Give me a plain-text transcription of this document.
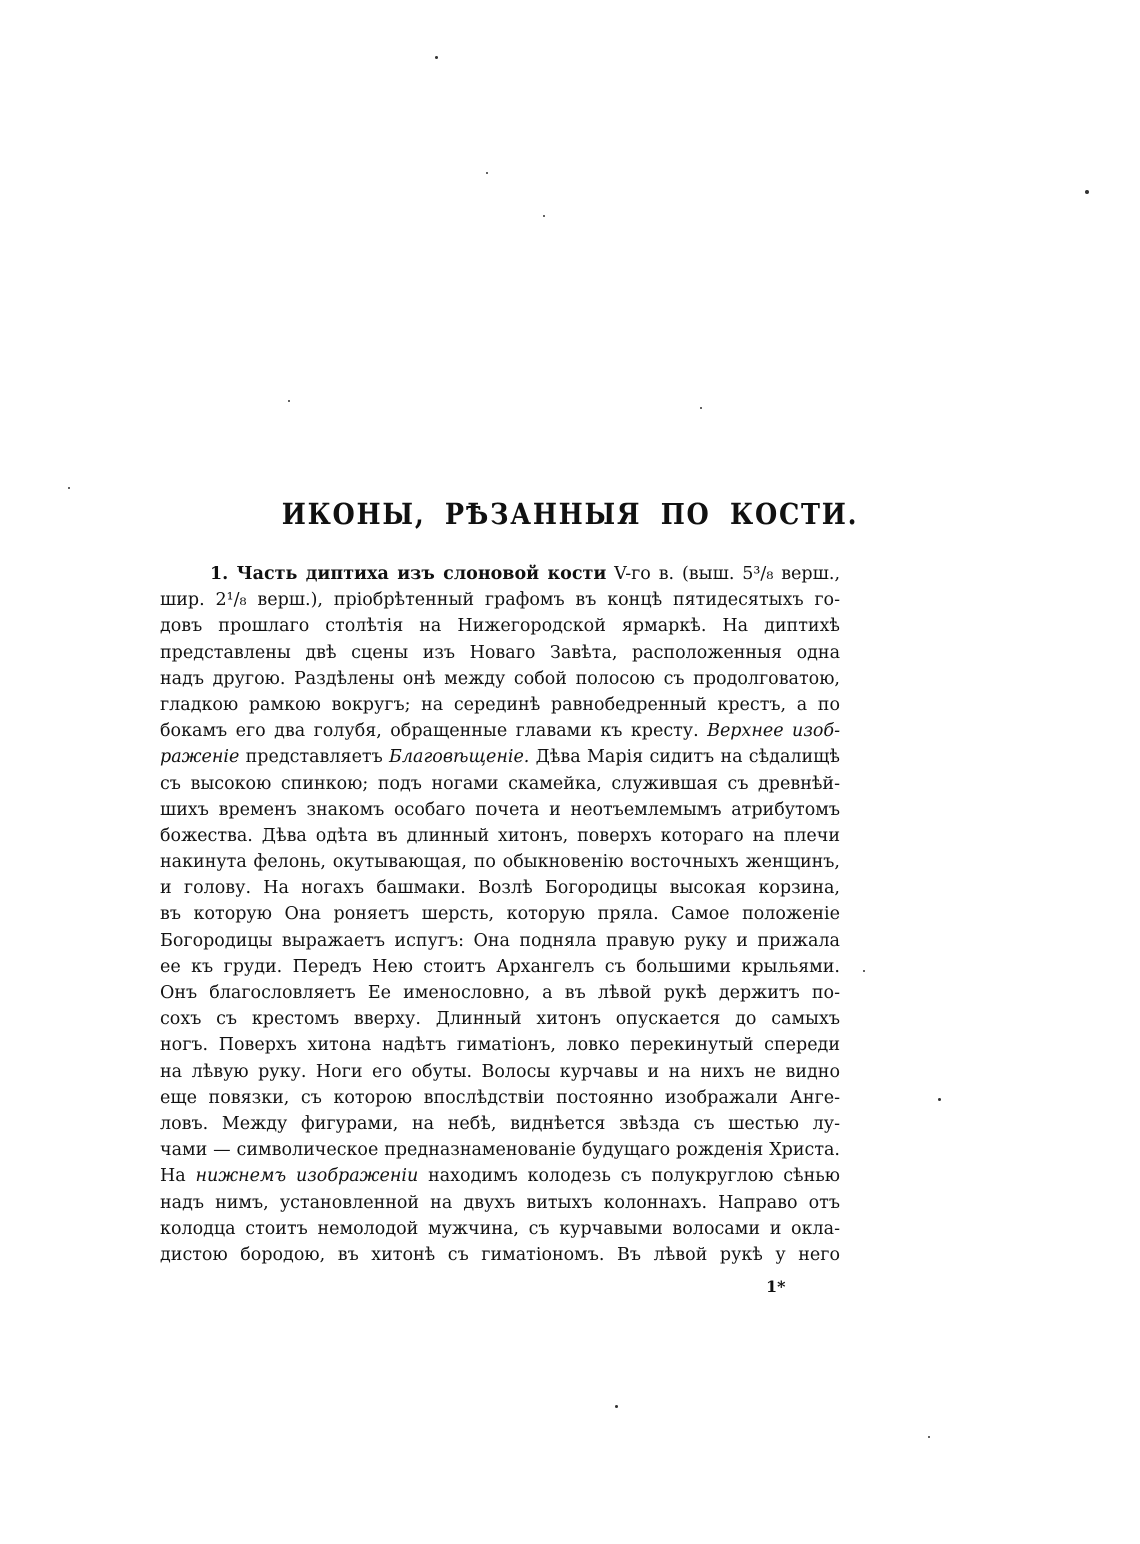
ИКОНЫ, РѢЗАННЫЯ ПО КОСТИ.
1. Часть диптиха изъ слоновой кости V-го в. (выш. 5³/₈ верш.,
шир. 2¹/₈ верш.), пріобрѣтенный графомъ въ концѣ пятидесятыхъ го-
довъ прошлаго столѣтія на Нижегородской ярмаркѣ. На диптихѣ
представлены двѣ сцены изъ Новаго Завѣта, расположенныя одна
надъ другою. Раздѣлены онѣ между собой полосою съ продолговатою,
гладкою рамкою вокругъ; на серединѣ равнобедренный крестъ, а по
бокамъ его два голубя, обращенные главами къ кресту. Верхнее изоб-
раженіе представляетъ Благовѣщеніе. Дѣва Марія сидитъ на сѣдалищѣ
съ высокою спинкою; подъ ногами скамейка, служившая съ древнѣй-
шихъ временъ знакомъ особаго почета и неотъемлемымъ атрибутомъ
божества. Дѣва одѣта въ длинный хитонъ, поверхъ котораго на плечи
накинута фелонь, окутывающая, по обыкновенію восточныхъ женщинъ,
и голову. На ногахъ башмаки. Возлѣ Богородицы высокая корзина,
въ которую Она роняетъ шерсть, которую пряла. Самое положеніе
Богородицы выражаетъ испугъ: Она подняла правую руку и прижала
ее къ груди. Передъ Нею стоитъ Архангелъ съ большими крыльями.
Онъ благословляетъ Ее именословно, а въ лѣвой рукѣ держитъ по-
сохъ съ крестомъ вверху. Длинный хитонъ опускается до самыхъ
ногъ. Поверхъ хитона надѣтъ гиматіонъ, ловко перекинутый спереди
на лѣвую руку. Ноги его обуты. Волосы курчавы и на нихъ не видно
еще повязки, съ которою впослѣдствіи постоянно изображали Анге-
ловъ. Между фигурами, на небѣ, виднѣется звѣзда съ шестью лу-
чами — символическое предназнаменованіе будущаго рожденія Христа.
На нижнемъ изображеніи находимъ колодезь съ полукруглою сѣнью
надъ нимъ, установленной на двухъ витыхъ колоннахъ. Направо отъ
колодца стоитъ немолодой мужчина, съ курчавыми волосами и окла-
дистою бородою, въ хитонѣ съ гиматіономъ. Въ лѣвой рукѣ у него
1*
